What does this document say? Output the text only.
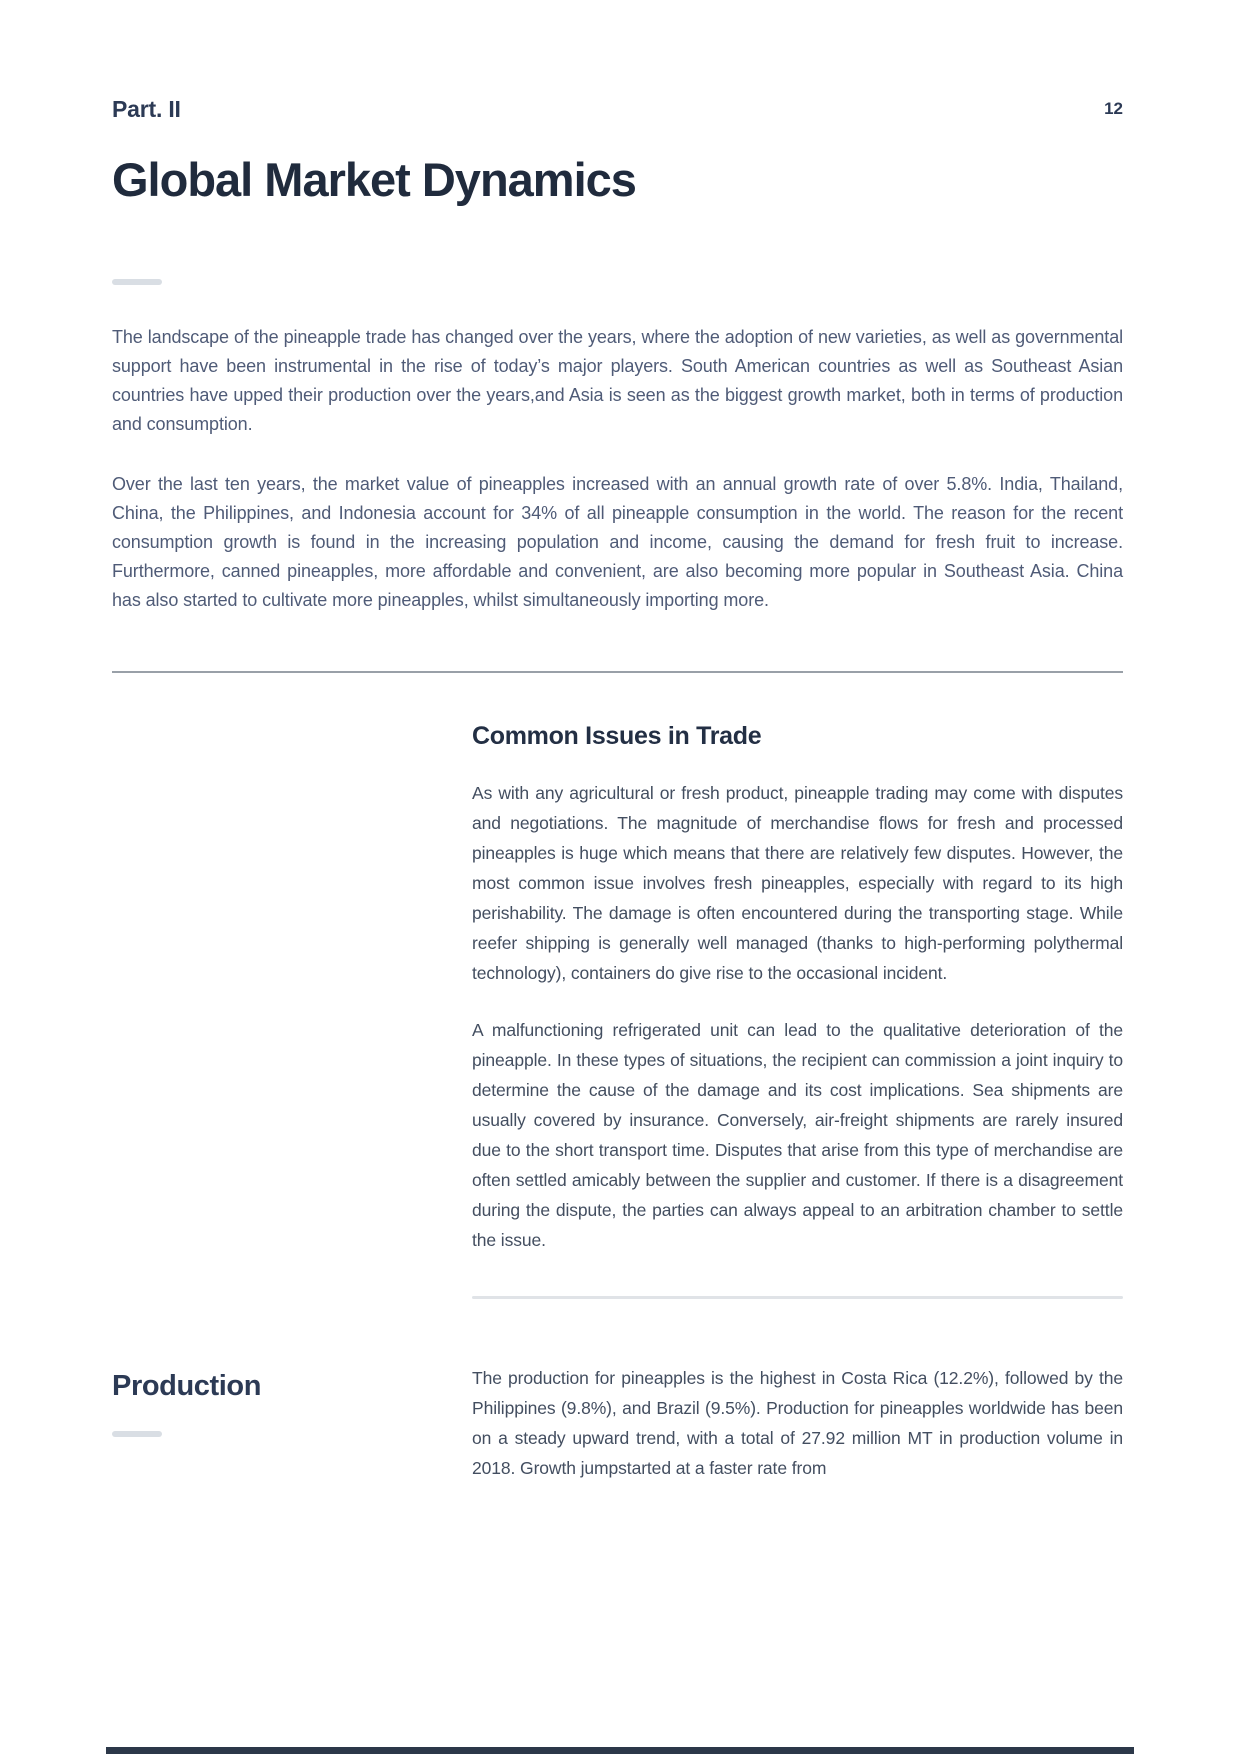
Part. II	12
Global Market Dynamics

The landscape of the pineapple trade has changed over the years, where the adoption of new varieties, as well as governmental support have been instrumental in the rise of today’s major players. South American countries as well as Southeast Asian countries have upped their production over the years,and Asia is seen as the biggest growth market, both in terms of production and consumption.

Over the last ten years, the market value of pineapples increased with an annual growth rate of over 5.8%. India, Thailand, China, the Philippines, and Indonesia account for 34% of all pineapple consumption in the world. The reason for the recent consumption growth is found in the increasing population and income, causing the demand for fresh fruit to increase. Furthermore, canned pineapples, more affordable and convenient, are also becoming more popular in Southeast Asia. China has also started to cultivate more pineapples, whilst simultaneously importing more.

Common Issues in Trade

As with any agricultural or fresh product, pineapple trading may come with disputes and negotiations. The magnitude of merchandise flows for fresh and processed pineapples is huge which means that there are relatively few disputes. However, the most common issue involves fresh pineapples, especially with regard to its high perishability. The damage is often encountered during the transporting stage. While reefer shipping is generally well managed (thanks to high-performing polythermal technology), containers do give rise to the occasional incident.

A malfunctioning refrigerated unit can lead to the qualitative deterioration of the pineapple. In these types of situations, the recipient can commission a joint inquiry to determine the cause of the damage and its cost implications. Sea shipments are usually covered by insurance. Conversely, air-freight shipments are rarely insured due to the short transport time. Disputes that arise from this type of merchandise are often settled amicably between the supplier and customer. If there is a disagreement during the dispute, the parties can always appeal to an arbitration chamber to settle the issue.

Production	The production for pineapples is the highest in Costa Rica (12.2%), followed by the Philippines (9.8%), and Brazil (9.5%). Production for pineapples worldwide has been on a steady upward trend, with a total of 27.92 million MT in production volume in 2018. Growth jumpstarted at a faster rate from
